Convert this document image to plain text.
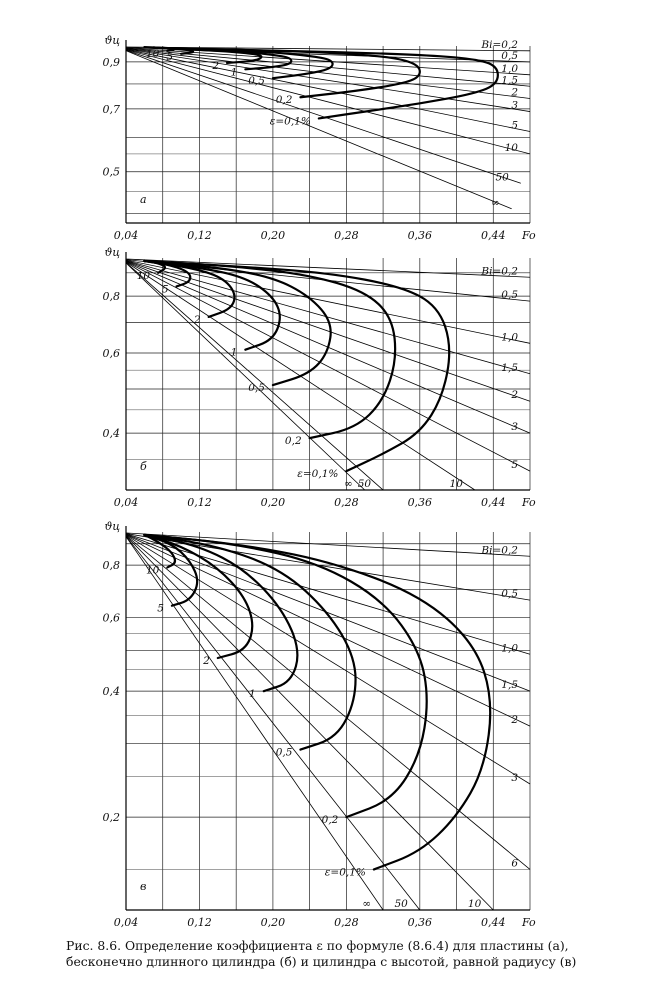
0,04	0,12	0,20	0,28	0,36	0,44 Fo
0,5
0,7
0,9
ϑц
а
Bi=0,2
0,5
1,0
1,5
2
3
5
10
50
∞
ε=0,1%
0,2
0,5
1
2
5
10
0,04	0,12	0,20	0,28	0,36	0,44 Fo
0,4
0,6
0,8
ϑц
б
Bi=0,2
0,5
1,0
1,5
2
3
5
10
50
∞
ε=0,1%
0,2
0,5
1
2
5
10
0,04	0,12	0,20	0,28	0,36	0,44 Fo
0,2
0,4
0,6
0,8
ϑц
в
Bi=0,2
0,5
1,0
1,5
2
3
6
10
50
∞
ε=0,1%
0,2
0,5
1
2
5
10
Рис. 8.6. Определение коэффициента ε по формуле (8.6.4) для пластины (а), бесконечно длинного цилиндра (б) и цилиндра с высотой, равной радиусу (в)
